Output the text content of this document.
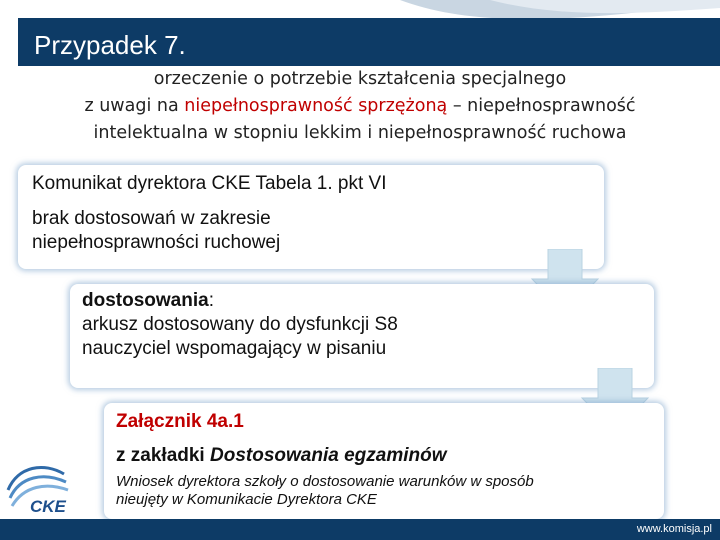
Przypadek 7.
orzeczenie o potrzebie kształcenia specjalnego
z uwagi na niepełnosprawność sprzężoną – niepełnosprawność
intelektualna w stopniu lekkim i niepełnosprawność ruchowa
Komunikat dyrektora CKE Tabela 1. pkt VI
brak dostosowań w zakresie
niepełnosprawności ruchowej
dostosowania:
arkusz dostosowany do dysfunkcji S8
nauczyciel wspomagający w pisaniu
Załącznik 4a.1
z zakładki Dostosowania egzaminów
Wniosek dyrektora szkoły o dostosowanie warunków w sposób nieujęty w Komunikacie Dyrektora CKE
CKE
www.komisja.pl
